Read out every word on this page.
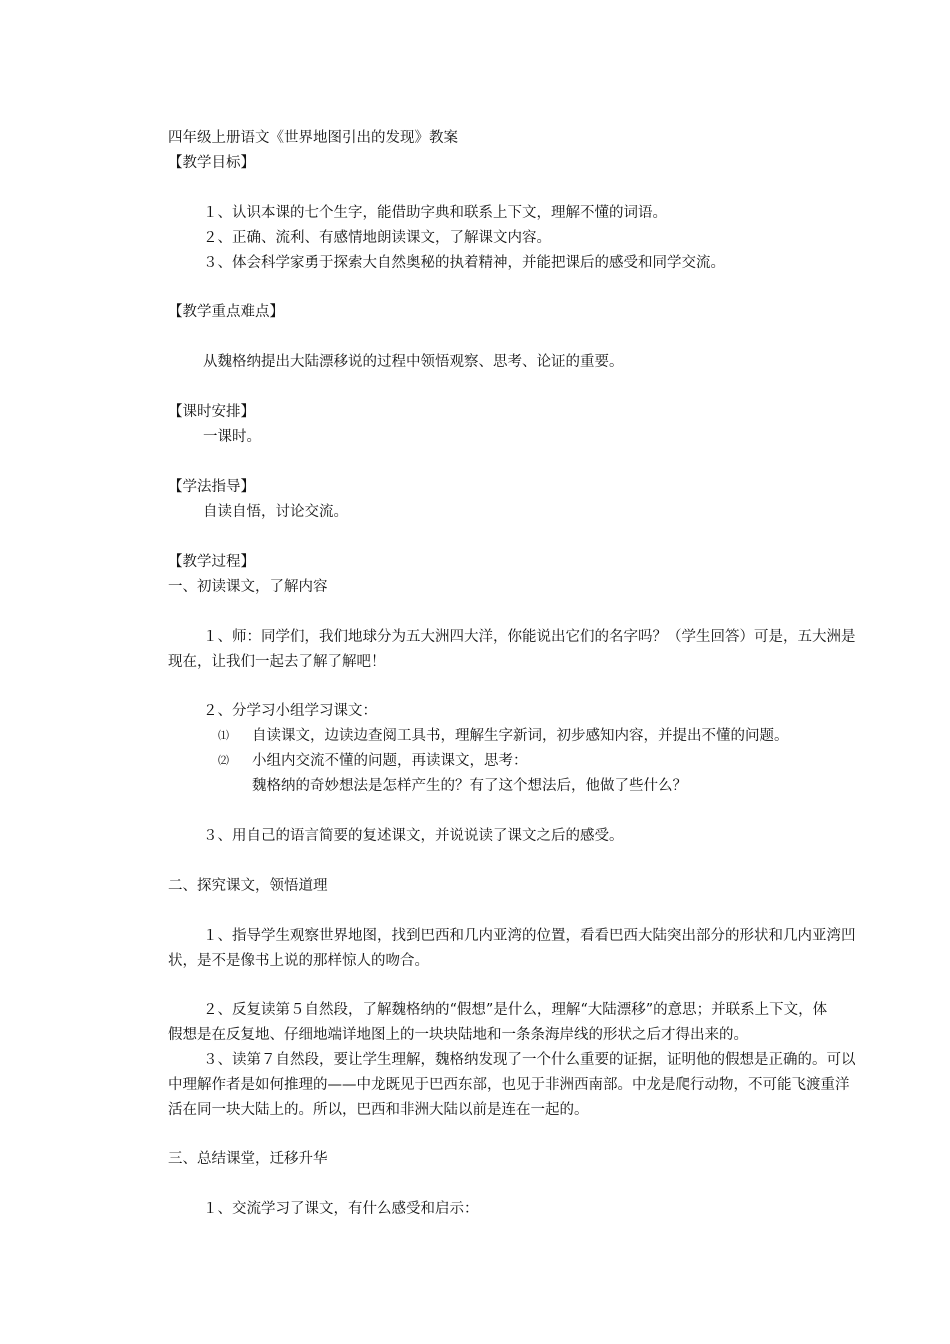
四年级上册语文《世界地图引出的发现》教案
【教学目标】
１、认识本课的七个生字，能借助字典和联系上下文，理解不懂的词语。
２、正确、流利、有感情地朗读课文，了解课文内容。
３、体会科学家勇于探索大自然奥秘的执着精神，并能把课后的感受和同学交流。
【教学重点难点】
从魏格纳提出大陆漂移说的过程中领悟观察、思考、论证的重要。
【课时安排】
一课时。
【学法指导】
自读自悟，讨论交流。
【教学过程】
一、初读课文，了解内容
１、师：同学们，我们地球分为五大洲四大洋，你能说出它们的名字吗？（学生回答）可是，五大洲是
现在，让我们一起去了解了解吧！
２、分学习小组学习课文：
⑴ 自读课文，边读边查阅工具书，理解生字新词，初步感知内容，并提出不懂的问题。
⑵ 小组内交流不懂的问题，再读课文，思考：
魏格纳的奇妙想法是怎样产生的？有了这个想法后，他做了些什么？
３、用自己的语言简要的复述课文，并说说读了课文之后的感受。
二、探究课文，领悟道理
１、指导学生观察世界地图，找到巴西和几内亚湾的位置，看看巴西大陆突出部分的形状和几内亚湾凹
状，是不是像书上说的那样惊人的吻合。
２、反复读第５自然段，了解魏格纳的“假想”是什么，理解“大陆漂移”的意思；并联系上下文，体
假想是在反复地、仔细地端详地图上的一块块陆地和一条条海岸线的形状之后才得出来的。
３、读第７自然段，要让学生理解，魏格纳发现了一个什么重要的证据，证明他的假想是正确的。可以
中理解作者是如何推理的——中龙既见于巴西东部，也见于非洲西南部。中龙是爬行动物，不可能飞渡重洋
活在同一块大陆上的。所以，巴西和非洲大陆以前是连在一起的。
三、总结课堂，迁移升华
１、交流学习了课文，有什么感受和启示：
